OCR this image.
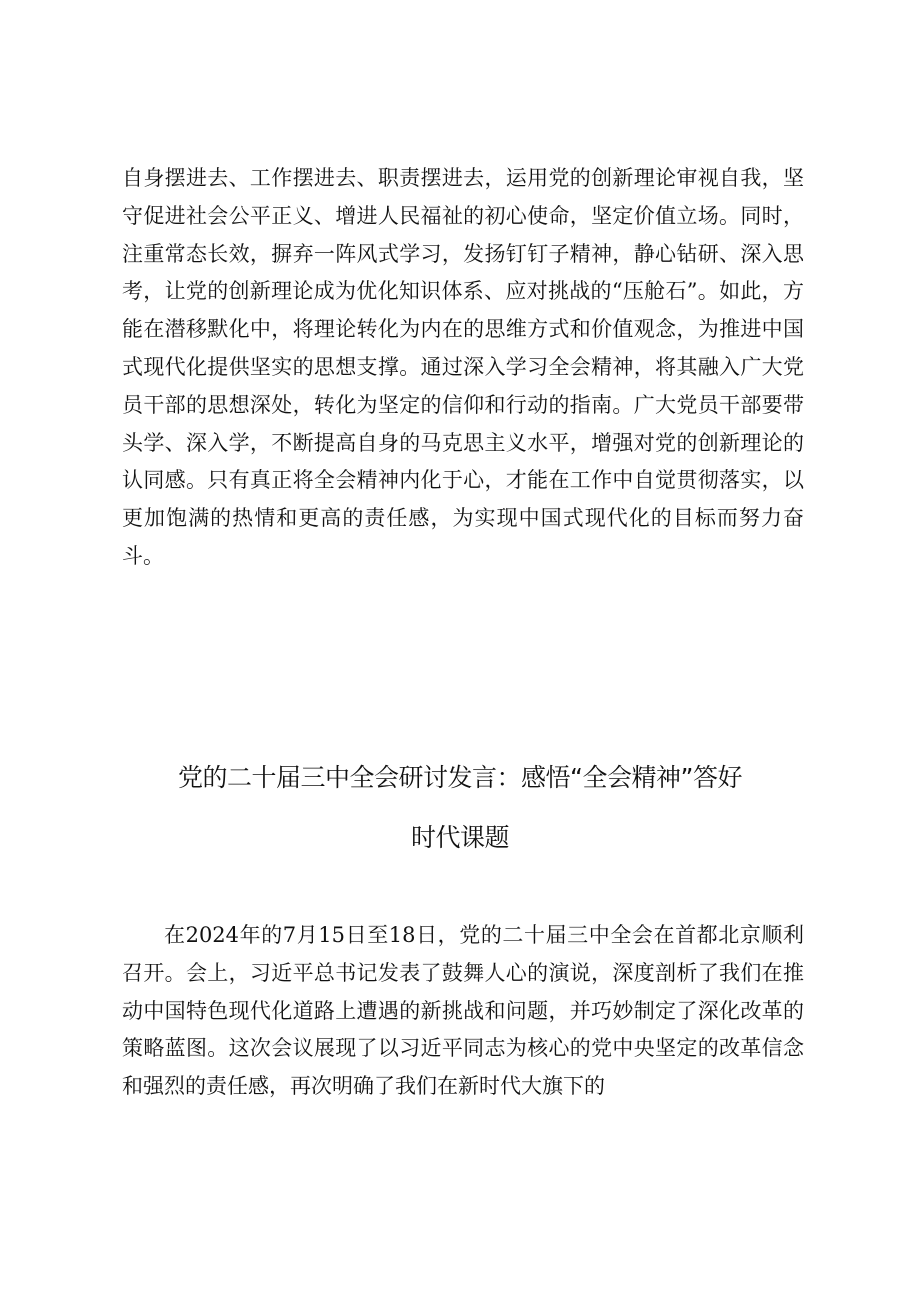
自身摆进去、工作摆进去、职责摆进去，运用党的创新理论审视自我，坚守促进社会公平正义、增进人民福祉的初心使命，坚定价值立场。同时，注重常态长效，摒弃一阵风式学习，发扬钉钉子精神，静心钻研、深入思考，让党的创新理论成为优化知识体系、应对挑战的“压舱石”。如此，方能在潜移默化中，将理论转化为内在的思维方式和价值观念，为推进中国式现代化提供坚实的思想支撑。通过深入学习全会精神，将其融入广大党员干部的思想深处，转化为坚定的信仰和行动的指南。广大党员干部要带头学、深入学，不断提高自身的马克思主义水平，增强对党的创新理论的认同感。只有真正将全会精神内化于心，才能在工作中自觉贯彻落实，以更加饱满的热情和更高的责任感，为实现中国式现代化的目标而努力奋斗。

党的二十届三中全会研讨发言：感悟“全会精神”答好
时代课题

在2024年的7月15日至18日，党的二十届三中全会在首都北京顺利召开。会上，习近平总书记发表了鼓舞人心的演说，深度剖析了我们在推动中国特色现代化道路上遭遇的新挑战和问题，并巧妙制定了深化改革的策略蓝图。这次会议展现了以习近平同志为核心的党中央坚定的改革信念和强烈的责任感，再次明确了我们在新时代大旗下的
